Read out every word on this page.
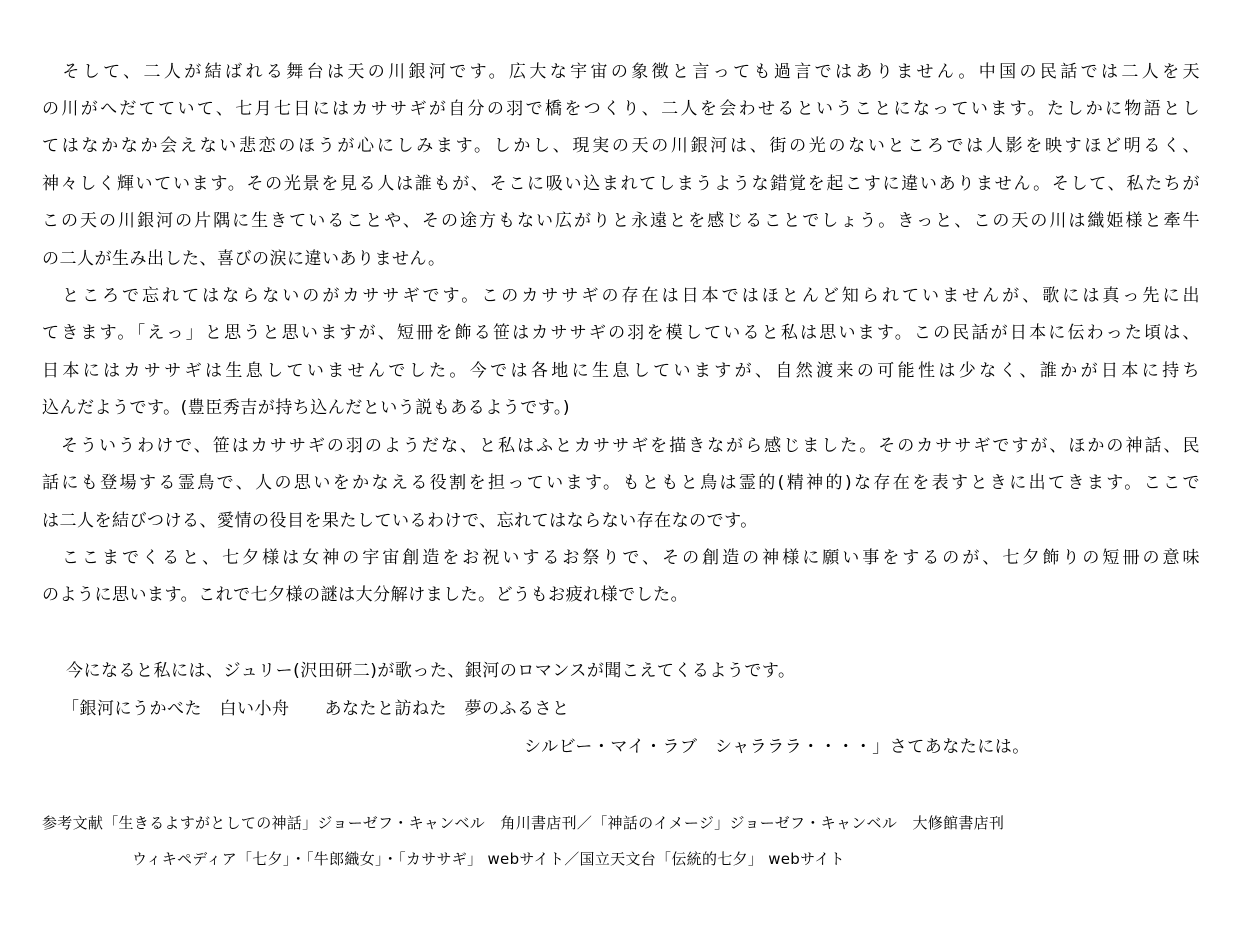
　そして、二人が結ばれる舞台は天の川銀河です。広大な宇宙の象徴と言っても過言ではありません。中国の民話では二人を天
の川がへだてていて、七月七日にはカササギが自分の羽で橋をつくり、二人を会わせるということになっています。たしかに物語とし
てはなかなか会えない悲恋のほうが心にしみます。しかし、現実の天の川銀河は、街の光のないところでは人影を映すほど明るく、
神々しく輝いています。その光景を見る人は誰もが、そこに吸い込まれてしまうような錯覚を起こすに違いありません。そして、私たちが
この天の川銀河の片隅に生きていることや、その途方もない広がりと永遠とを感じることでしょう。きっと、この天の川は織姫様と牽牛
の二人が生み出した、喜びの涙に違いありません。
　ところで忘れてはならないのがカササギです。このカササギの存在は日本ではほとんど知られていませんが、歌には真っ先に出
てきます。「えっ」と思うと思いますが、短冊を飾る笹はカササギの羽を模していると私は思います。この民話が日本に伝わった頃は、
日本にはカササギは生息していませんでした。今では各地に生息していますが、自然渡来の可能性は少なく、誰かが日本に持ち
込んだようです。(豊臣秀吉が持ち込んだという説もあるようです。)
　そういうわけで、笹はカササギの羽のようだな、と私はふとカササギを描きながら感じました。そのカササギですが、ほかの神話、民
話にも登場する霊鳥で、人の思いをかなえる役割を担っています。もともと鳥は霊的(精神的)な存在を表すときに出てきます。ここで
は二人を結びつける、愛情の役目を果たしているわけで、忘れてはならない存在なのです。
　ここまでくると、七夕様は女神の宇宙創造をお祝いするお祭りで、その創造の神様に願い事をするのが、七夕飾りの短冊の意味
のように思います。これで七夕様の謎は大分解けました。どうもお疲れ様でした。
今になると私には、ジュリー(沢田研二)が歌った、銀河のロマンスが聞こえてくるようです。
「銀河にうかべた　白い小舟　　あなたと訪ねた　夢のふるさと
シルビー・マイ・ラブ　シャラララ・・・・」さてあなたには。
参考文献「生きるよすがとしての神話」ジョーゼフ・キャンベル　角川書店刊／「神話のイメージ」ジョーゼフ・キャンベル　大修館書店刊
ウィキペディア「七夕」・「牛郎織女」・「カササギ」 webサイト／国立天文台「伝統的七夕」 webサイト
